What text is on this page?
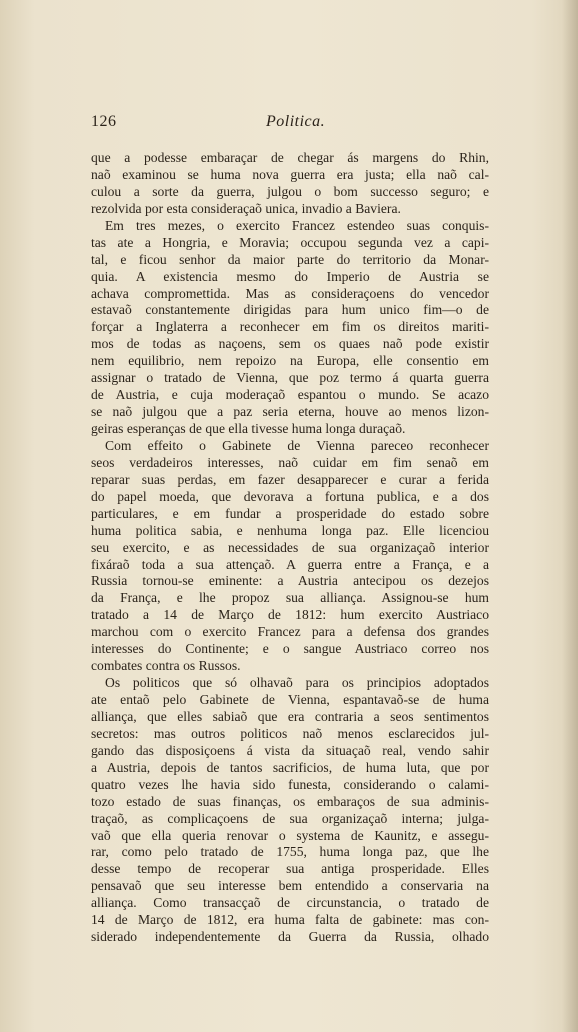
126	Politica.
que a podesse embaraçar de chegar ás margens do Rhin,
naõ examinou se huma nova guerra era justa; ella naõ cal-
culou a sorte da guerra, julgou o bom successo seguro; e
rezolvida por esta consideraçaõ unica, invadio a Baviera.
Em tres mezes, o exercito Francez estendeo suas conquis-
tas ate a Hongria, e Moravia; occupou segunda vez a capi-
tal, e ficou senhor da maior parte do territorio da Monar-
quia. A existencia mesmo do Imperio de Austria se
achava compromettida. Mas as consideraçoens do vencedor
estavaõ constantemente dirigidas para hum unico fim—o de
forçar a Inglaterra a reconhecer em fim os direitos mariti-
mos de todas as naçoens, sem os quaes naõ pode existir
nem equilibrio, nem repoizo na Europa, elle consentio em
assignar o tratado de Vienna, que poz termo á quarta guerra
de Austria, e cuja moderaçaõ espantou o mundo. Se acazo
se naõ julgou que a paz seria eterna, houve ao menos lizon-
geiras esperanças de que ella tivesse huma longa duraçaõ.
Com effeito o Gabinete de Vienna pareceo reconhecer
seos verdadeiros interesses, naõ cuidar em fim senaõ em
reparar suas perdas, em fazer desapparecer e curar a ferida
do papel moeda, que devorava a fortuna publica, e a dos
particulares, e em fundar a prosperidade do estado sobre
huma politica sabia, e nenhuma longa paz. Elle licenciou
seu exercito, e as necessidades de sua organizaçaõ interior
fixáraõ toda a sua attençaõ. A guerra entre a França, e a
Russia tornou-se eminente: a Austria antecipou os dezejos
da França, e lhe propoz sua alliança. Assignou-se hum
tratado a 14 de Março de 1812: hum exercito Austriaco
marchou com o exercito Francez para a defensa dos grandes
interesses do Continente; e o sangue Austriaco correo nos
combates contra os Russos.
Os politicos que só olhavaõ para os principios adoptados
ate entaõ pelo Gabinete de Vienna, espantavaõ-se de huma
alliança, que elles sabiaõ que era contraria a seos sentimentos
secretos: mas outros politicos naõ menos esclarecidos jul-
gando das disposiçoens á vista da situaçaõ real, vendo sahir
a Austria, depois de tantos sacrificios, de huma luta, que por
quatro vezes lhe havia sido funesta, considerando o calami-
tozo estado de suas finanças, os embaraços de sua adminis-
traçaõ, as complicaçoens de sua organizaçaõ interna; julga-
vaõ que ella queria renovar o systema de Kaunitz, e assegu-
rar, como pelo tratado de 1755, huma longa paz, que lhe
desse tempo de recoperar sua antiga prosperidade. Elles
pensavaõ que seu interesse bem entendido a conservaria na
alliança. Como transacçaõ de circunstancia, o tratado de
14 de Março de 1812, era huma falta de gabinete: mas con-
siderado independentemente da Guerra da Russia, olhado
